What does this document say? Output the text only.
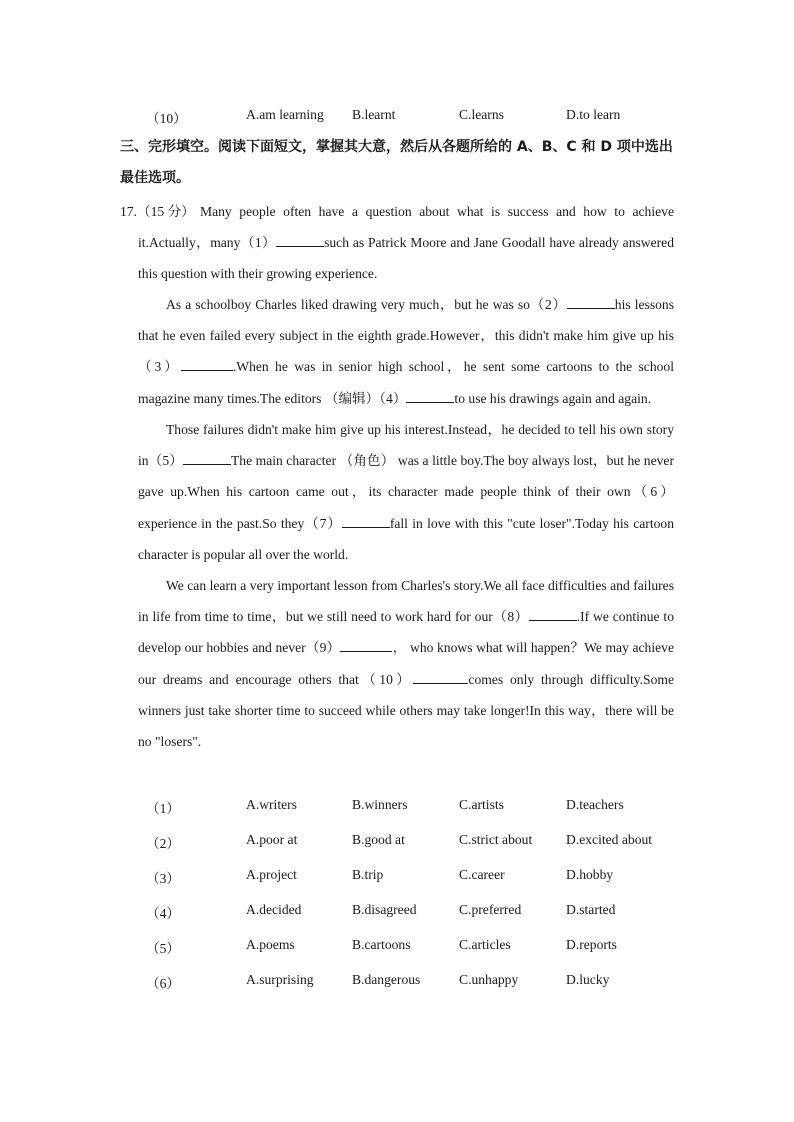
（10）	A.am learning B.learnt	C.learns	D.to learn
三、完形填空。阅读下面短文，掌握其大意，然后从各题所给的 A、B、C 和 D 项中选出最佳选项。
17.（15 分） Many people often have a question about what is success and how to achieve it.Actually，many（1）	such as Patrick Moore and Jane Goodall have already answered this question with their growing experience.

As a schoolboy Charles liked drawing very much，but he was so（2）	his lessons that he even failed every subject in the eighth grade.However，this didn't make him give up his（3）	.When he was in senior high school，he sent some cartoons to the school magazine many times.The editors （编辑）（4）	to use his drawings again and again.

Those failures didn't make him give up his interest.Instead，he decided to tell his own story in（5）	The main character （角色） was a little boy.The boy always lost，but he never gave up.When his cartoon came out，its character made people think of their own（6）experience in the past.So they（7）	fall in love with this "cute loser".Today his cartoon character is popular all over the world.

We can learn a very important lesson from Charles's story.We all face difficulties and failures in life from time to time，but we still need to work hard for our（8）	.If we continue to develop our hobbies and never（9）	， who knows what will happen？We may achieve our dreams and encourage others that（10）	comes only through difficulty.Some winners just take shorter time to succeed while others may take longer!In this way，there will be no "losers".

（1）	A.writers	B.winners	C.artists	D.teachers
（2）	A.poor at	B.good at	C.strict about D.excited about
（3）	A.project	B.trip	C.career	D.hobby
（4）	A.decided	B.disagreed	C.preferred	D.started
（5）	A.poems	B.cartoons	C.articles	D.reports
（6）	A.surprising	B.dangerous	C.unhappy	D.lucky
